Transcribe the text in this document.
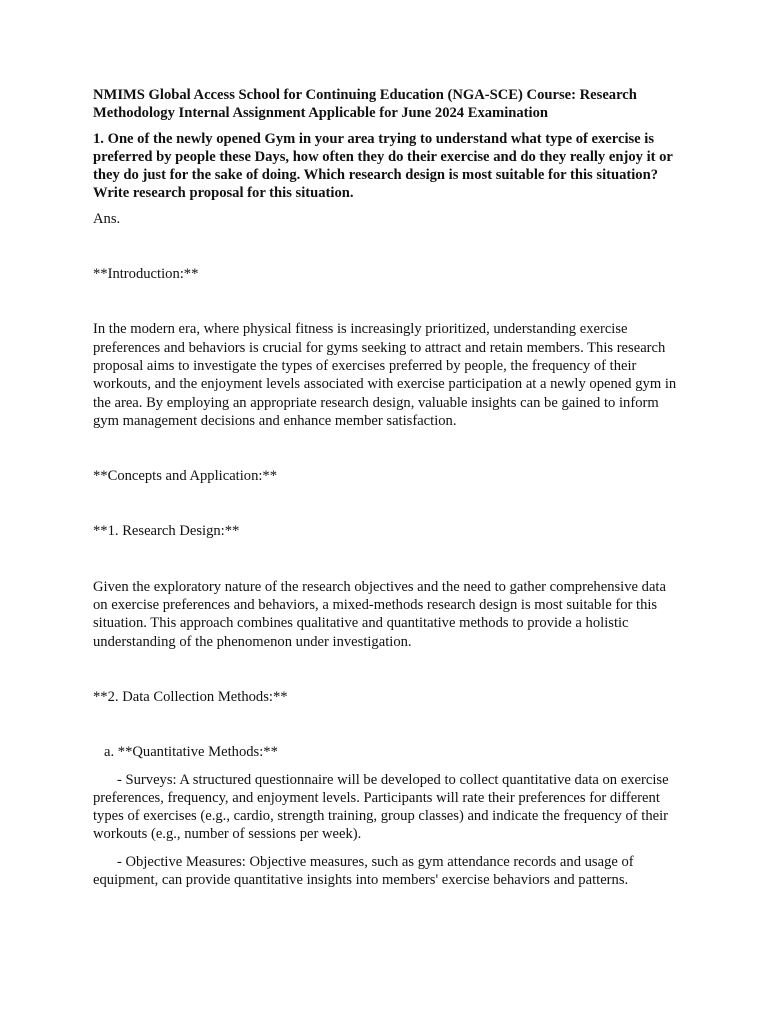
NMIMS Global Access School for Continuing Education (NGA-SCE) Course: Research Methodology Internal Assignment Applicable for June 2024 Examination

1. One of the newly opened Gym in your area trying to understand what type of exercise is preferred by people these Days, how often they do their exercise and do they really enjoy it or they do just for the sake of doing. Which research design is most suitable for this situation? Write research proposal for this situation.

Ans.

**Introduction:**

In the modern era, where physical fitness is increasingly prioritized, understanding exercise preferences and behaviors is crucial for gyms seeking to attract and retain members. This research proposal aims to investigate the types of exercises preferred by people, the frequency of their workouts, and the enjoyment levels associated with exercise participation at a newly opened gym in the area. By employing an appropriate research design, valuable insights can be gained to inform gym management decisions and enhance member satisfaction.

**Concepts and Application:**

**1. Research Design:**

Given the exploratory nature of the research objectives and the need to gather comprehensive data on exercise preferences and behaviors, a mixed-methods research design is most suitable for this situation. This approach combines qualitative and quantitative methods to provide a holistic understanding of the phenomenon under investigation.

**2. Data Collection Methods:**

a. **Quantitative Methods:**

- Surveys: A structured questionnaire will be developed to collect quantitative data on exercise preferences, frequency, and enjoyment levels. Participants will rate their preferences for different types of exercises (e.g., cardio, strength training, group classes) and indicate the frequency of their workouts (e.g., number of sessions per week).

- Objective Measures: Objective measures, such as gym attendance records and usage of equipment, can provide quantitative insights into members' exercise behaviors and patterns.
